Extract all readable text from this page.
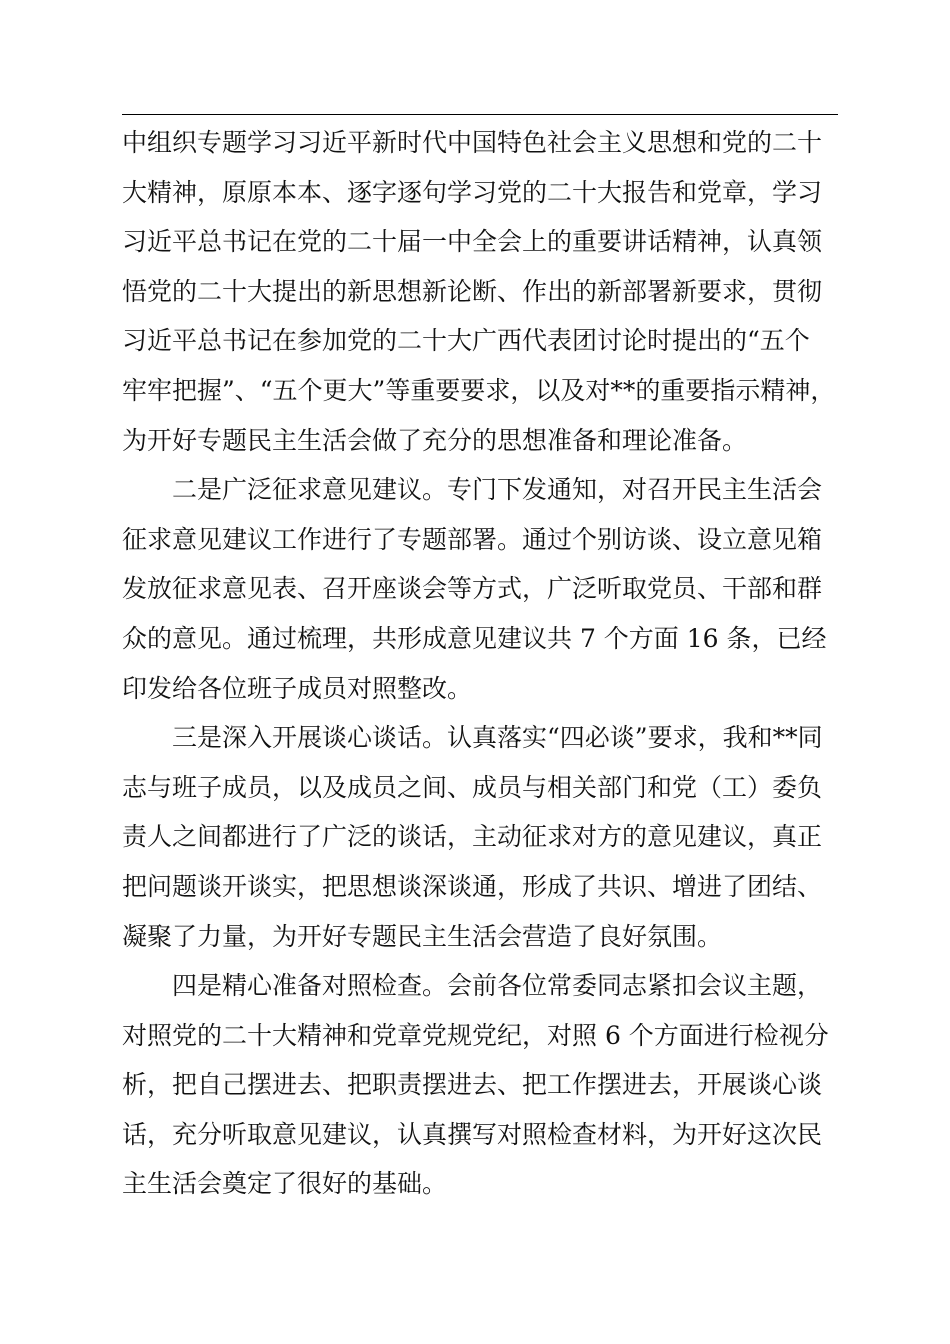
中组织专题学习习近平新时代中国特色社会主义思想和党的二十
大精神，原原本本、逐字逐句学习党的二十大报告和党章，学习
习近平总书记在党的二十届一中全会上的重要讲话精神，认真领
悟党的二十大提出的新思想新论断、作出的新部署新要求，贯彻
习近平总书记在参加党的二十大广西代表团讨论时提出的“五个
牢牢把握”、“五个更大”等重要要求，以及对**的重要指示精神，
为开好专题民主生活会做了充分的思想准备和理论准备。
二是广泛征求意见建议。专门下发通知，对召开民主生活会
征求意见建议工作进行了专题部署。通过个别访谈、设立意见箱
发放征求意见表、召开座谈会等方式，广泛听取党员、干部和群
众的意见。通过梳理，共形成意见建议共 7 个方面 16 条，已经
印发给各位班子成员对照整改。
三是深入开展谈心谈话。认真落实“四必谈”要求，我和**同
志与班子成员，以及成员之间、成员与相关部门和党（工）委负
责人之间都进行了广泛的谈话，主动征求对方的意见建议，真正
把问题谈开谈实，把思想谈深谈通，形成了共识、增进了团结、
凝聚了力量，为开好专题民主生活会营造了良好氛围。
四是精心准备对照检查。会前各位常委同志紧扣会议主题，
对照党的二十大精神和党章党规党纪，对照 6 个方面进行检视分
析，把自己摆进去、把职责摆进去、把工作摆进去，开展谈心谈
话，充分听取意见建议，认真撰写对照检查材料，为开好这次民
主生活会奠定了很好的基础。
